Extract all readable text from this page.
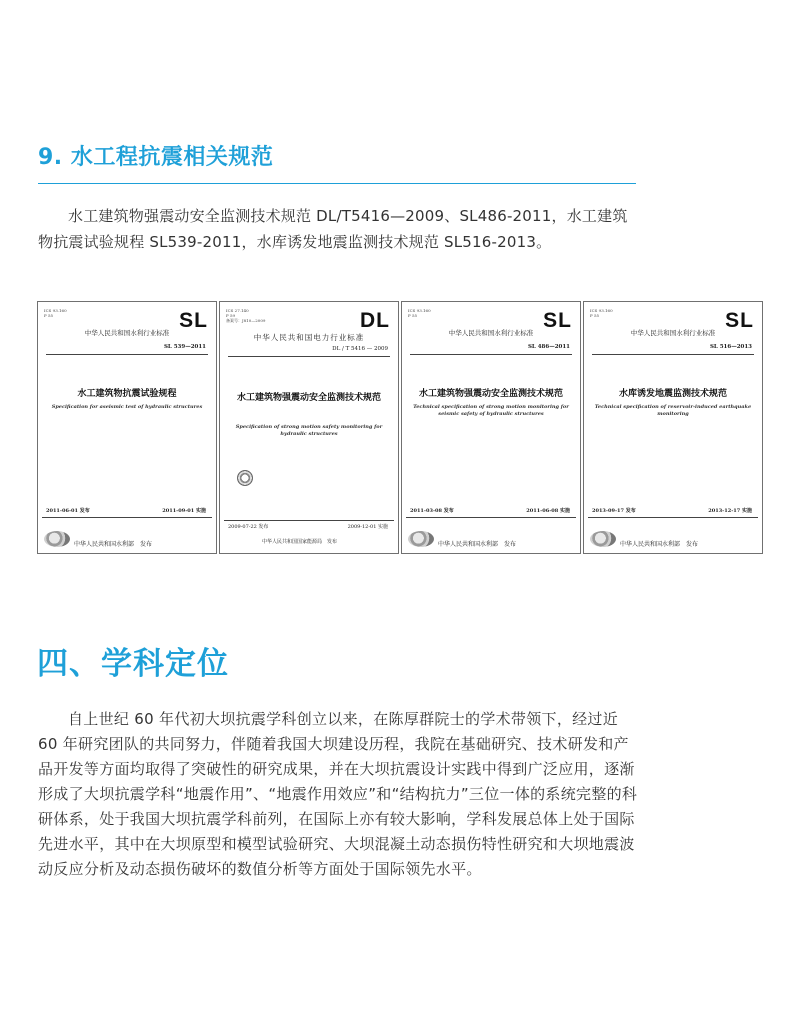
9. 水工程抗震相关规范
水工建筑物强震动安全监测技术规范 DL/T5416—2009、SL486-2011，水工建筑物抗震试验规程 SL539-2011，水库诱发地震监测技术规范 SL516-2013。
ICS 93.160
P 55	SL
中华人民共和国水利行业标准
SL 539—2011
水工建筑物抗震试验规程
Specification for aseismic test of hydraulic structures
2011-06-01 发布	2011-09-01 实施
中华人民共和国水利部　发布
ICS 27.140
P 59
备案号：J810—2009	DL
中华人民共和国电力行业标准
DL / T 5416 — 2009
水工建筑物强震动安全监测技术规范
Specification of strong motion safety monitoring for hydraulic structures
2009-07-22 发布	2009-12-01 实施
中华人民共和国国家能源局　发布
ICS 93.160
P 55	SL
中华人民共和国水利行业标准
SL 486—2011
水工建筑物强震动安全监测技术规范
Technical specification of strong motion monitoring for seismic safety of hydraulic structures
2011-03-08 发布	2011-06-08 实施
中华人民共和国水利部　发布
ICS 93.160
P 55	SL
中华人民共和国水利行业标准
SL 516—2013
水库诱发地震监测技术规范
Technical specification of reservoir-induced earthquake monitoring
2013-09-17 发布	2013-12-17 实施
中华人民共和国水利部　发布
四、学科定位
自上世纪 60 年代初大坝抗震学科创立以来，在陈厚群院士的学术带领下，经过近 60 年研究团队的共同努力，伴随着我国大坝建设历程，我院在基础研究、技术研发和产品开发等方面均取得了突破性的研究成果，并在大坝抗震设计实践中得到广泛应用，逐渐形成了大坝抗震学科“地震作用”、“地震作用效应”和“结构抗力”三位一体的系统完整的科研体系，处于我国大坝抗震学科前列，在国际上亦有较大影响，学科发展总体上处于国际先进水平，其中在大坝原型和模型试验研究、大坝混凝土动态损伤特性研究和大坝地震波动反应分析及动态损伤破坏的数值分析等方面处于国际领先水平。
